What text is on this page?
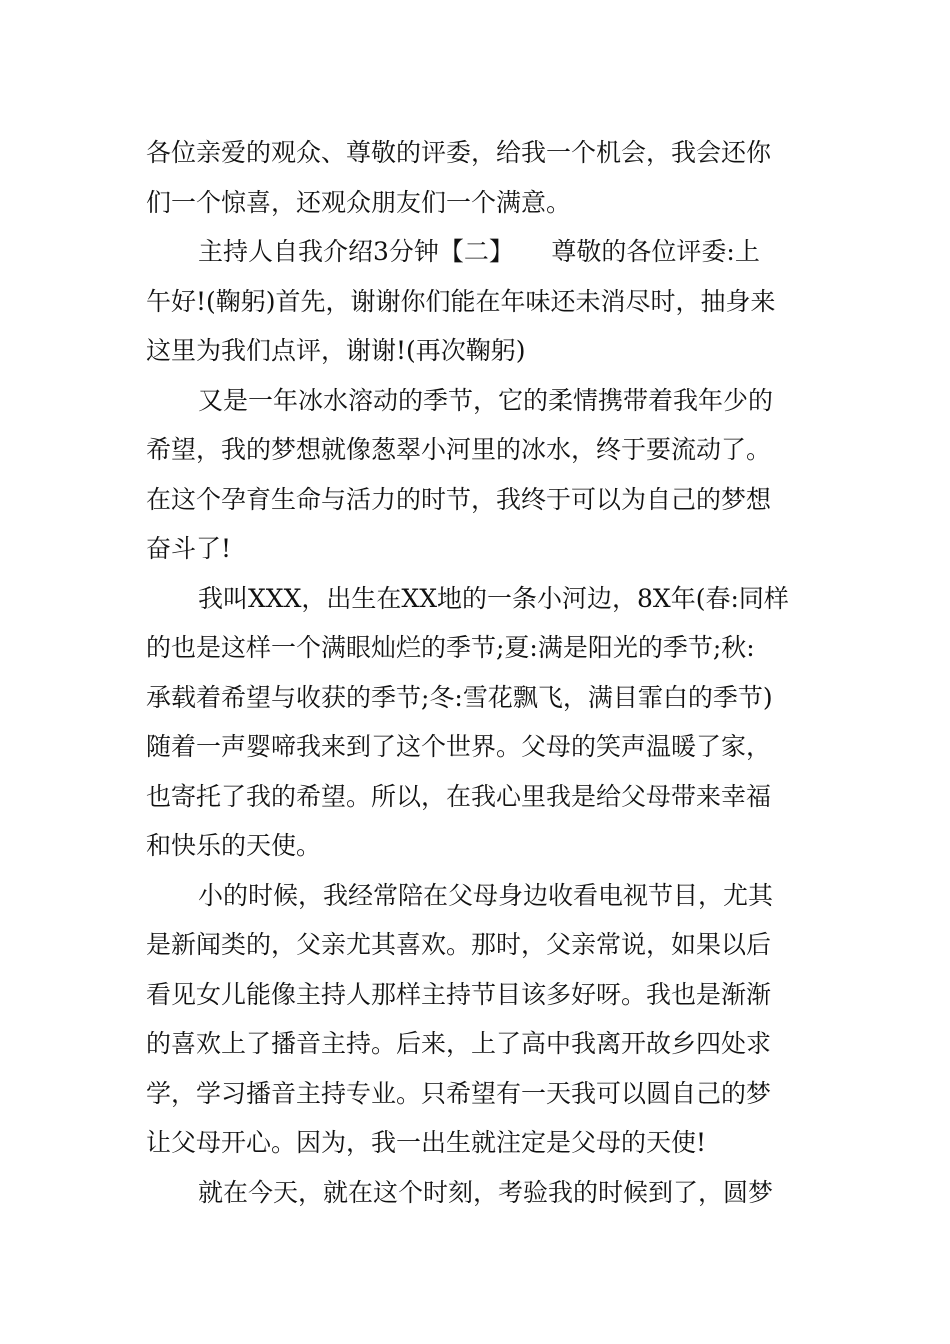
各位亲爱的观众、尊敬的评委，给我一个机会，我会还你
们一个惊喜，还观众朋友们一个满意。
主持人自我介绍3分钟【二】　　尊敬的各位评委:上
午好!(鞠躬)首先，谢谢你们能在年味还未消尽时，抽身来
这里为我们点评，谢谢!(再次鞠躬)
又是一年冰水溶动的季节，它的柔情携带着我年少的
希望，我的梦想就像葱翠小河里的冰水，终于要流动了。
在这个孕育生命与活力的时节，我终于可以为自己的梦想
奋斗了!
我叫XXX，出生在XX地的一条小河边，8X年(春:同样
的也是这样一个满眼灿烂的季节;夏:满是阳光的季节;秋:
承载着希望与收获的季节;冬:雪花飘飞，满目霏白的季节)
随着一声婴啼我来到了这个世界。父母的笑声温暖了家，
也寄托了我的希望。所以，在我心里我是给父母带来幸福
和快乐的天使。
小的时候，我经常陪在父母身边收看电视节目，尤其
是新闻类的，父亲尤其喜欢。那时，父亲常说，如果以后
看见女儿能像主持人那样主持节目该多好呀。我也是渐渐
的喜欢上了播音主持。后来，上了高中我离开故乡四处求
学，学习播音主持专业。只希望有一天我可以圆自己的梦
让父母开心。因为，我一出生就注定是父母的天使!
就在今天，就在这个时刻，考验我的时候到了，圆梦
